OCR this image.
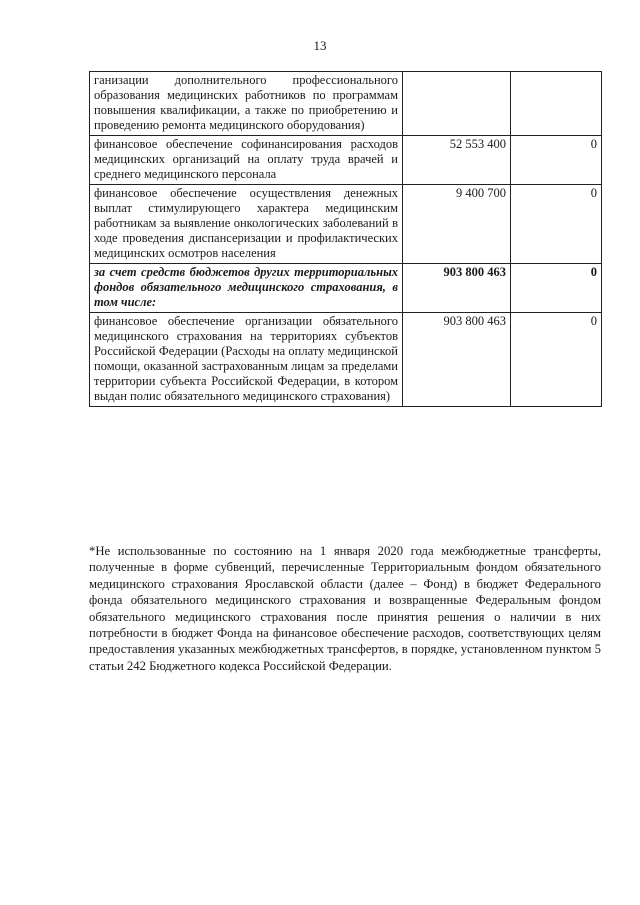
13
ганизации дополнительного профессионального образования медицинских работников по программам повышения квалификации, а также по приобретению и проведению ремонта медицинского оборудования)		
финансовое обеспечение софинансирования расходов медицинских организаций на оплату труда врачей и среднего медицинского персонала	52 553 400	0
финансовое обеспечение осуществления денежных выплат стимулирующего характера медицинским работникам за выявление онкологических заболеваний в ходе проведения диспансеризации и профилактических медицинских осмотров населения	9 400 700	0
за счет средств бюджетов других территориальных фондов обязательного медицинского страхования, в том числе:	903 800 463	0
финансовое обеспечение организации обязательного медицинского страхования на территориях субъектов Российской Федерации (Расходы на оплату медицинской помощи, оказанной застрахованным лицам за пределами территории субъекта Российской Федерации, в котором выдан полис обязательного медицинского страхования)	903 800 463	0
*Не использованные по состоянию на 1 января 2020 года межбюджетные трансферты, полученные в форме субвенций, перечисленные Территориальным фондом обязательного медицинского страхования Ярославской области (далее – Фонд) в бюджет Федерального фонда обязательного медицинского страхования и возвращенные Федеральным фондом обязательного медицинского страхования после принятия решения о наличии в них потребности в бюджет Фонда на финансовое обеспечение расходов, соответствующих целям предоставления указанных межбюджетных трансфертов, в порядке, установленном пунктом 5 статьи 242 Бюджетного кодекса Российской Федерации.
